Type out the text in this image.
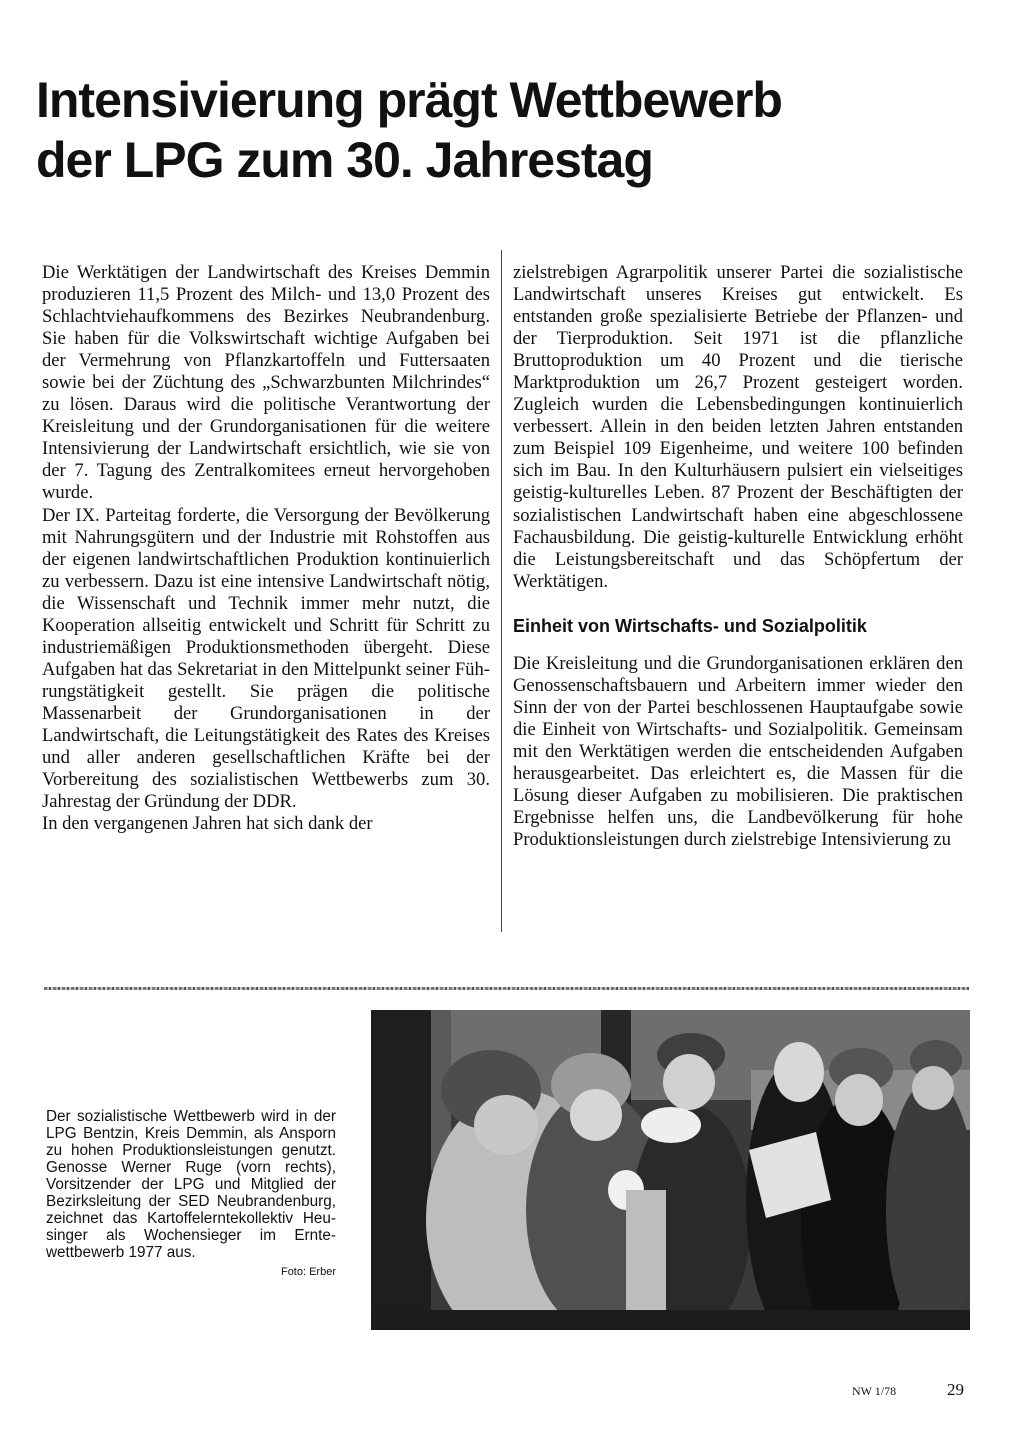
Intensivierung prägt Wettbewerb
der LPG zum 30. Jahrestag

Die Werktätigen der Landwirtschaft des Kreises Demmin produzieren 11,5 Prozent des Milch- und 13,0 Prozent des Schlachtviehaufkommens des Bezirkes Neubrandenburg. Sie haben für die Volkswirtschaft wichtige Aufgaben bei der Vermehrung von Pflanzkartoffeln und Futtersaaten sowie bei der Züchtung des „Schwarzbunten Milchrindes“ zu lösen. Daraus wird die politische Verantwortung der Kreisleitung und der Grundorganisationen für die weitere Intensivierung der Landwirtschaft ersichtlich, wie sie von der 7. Tagung des Zentralkomitees erneut hervorgehoben wurde.

Der IX. Parteitag forderte, die Versorgung der Bevölkerung mit Nahrungsgütern und der Industrie mit Rohstoffen aus der eigenen landwirtschaftlichen Produktion kontinuierlich zu verbessern. Dazu ist eine intensive Landwirtschaft nötig, die Wissenschaft und Technik immer mehr nutzt, die Kooperation allseitig entwickelt und Schritt für Schritt zu industriemäßigen Produktionsmethoden übergeht. Diese Aufgaben hat das Sekretariat in den Mittelpunkt seiner Führungstätigkeit gestellt. Sie prägen die politische Massenarbeit der Grundorganisationen in der Landwirtschaft, die Leitungstätigkeit des Rates des Kreises und aller anderen gesellschaftlichen Kräfte bei der Vorbereitung des sozialistischen Wettbewerbs zum 30. Jahrestag der Gründung der DDR.

In den vergangenen Jahren hat sich dank der

zielstrebigen Agrarpolitik unserer Partei die sozialistische Landwirtschaft unseres Kreises gut entwickelt. Es entstanden große spezialisierte Betriebe der Pflanzen- und der Tierproduktion. Seit 1971 ist die pflanzliche Bruttoproduktion um 40 Prozent und die tierische Marktproduktion um 26,7 Prozent gesteigert worden. Zugleich wurden die Lebensbedingungen kontinuierlich verbessert. Allein in den beiden letzten Jahren entstanden zum Beispiel 109 Eigenheime, und weitere 100 befinden sich im Bau. In den Kulturhäusern pulsiert ein vielseitiges geistig-kulturelles Leben. 87 Prozent der Beschäftigten der sozialistischen Landwirtschaft haben eine abgeschlossene Fachausbildung. Die geistig-kulturelle Entwicklung erhöht die Leistungsbereitschaft und das Schöpfertum der Werktätigen.

Einheit von Wirtschafts- und Sozialpolitik

Die Kreisleitung und die Grundorganisationen erklären den Genossenschaftsbauern und Arbeitern immer wieder den Sinn der von der Partei beschlossenen Hauptaufgabe sowie die Einheit von Wirtschafts- und Sozialpolitik. Gemeinsam mit den Werktätigen werden die entscheidenden Aufgaben herausgearbeitet. Das erleichtert es, die Massen für die Lösung dieser Aufgaben zu mobilisieren. Die praktischen Ergebnisse helfen uns, die Landbevölkerung für hohe Produktionsleistungen durch zielstrebige Intensivierung zu

Der sozialistische Wettbewerb wird in der LPG Bentzin, Kreis Demmin, als Ansporn zu hohen Produktionsleistungen genutzt. Genosse Werner Ruge (vorn rechts), Vorsitzender der LPG und Mitglied der Bezirksleitung der SED Neubrandenburg, zeichnet das Kartoffelerntekollektiv Heusinger als Wochensieger im Erntewettbewerb 1977 aus.

Foto: Erber

NW 1/78	29
